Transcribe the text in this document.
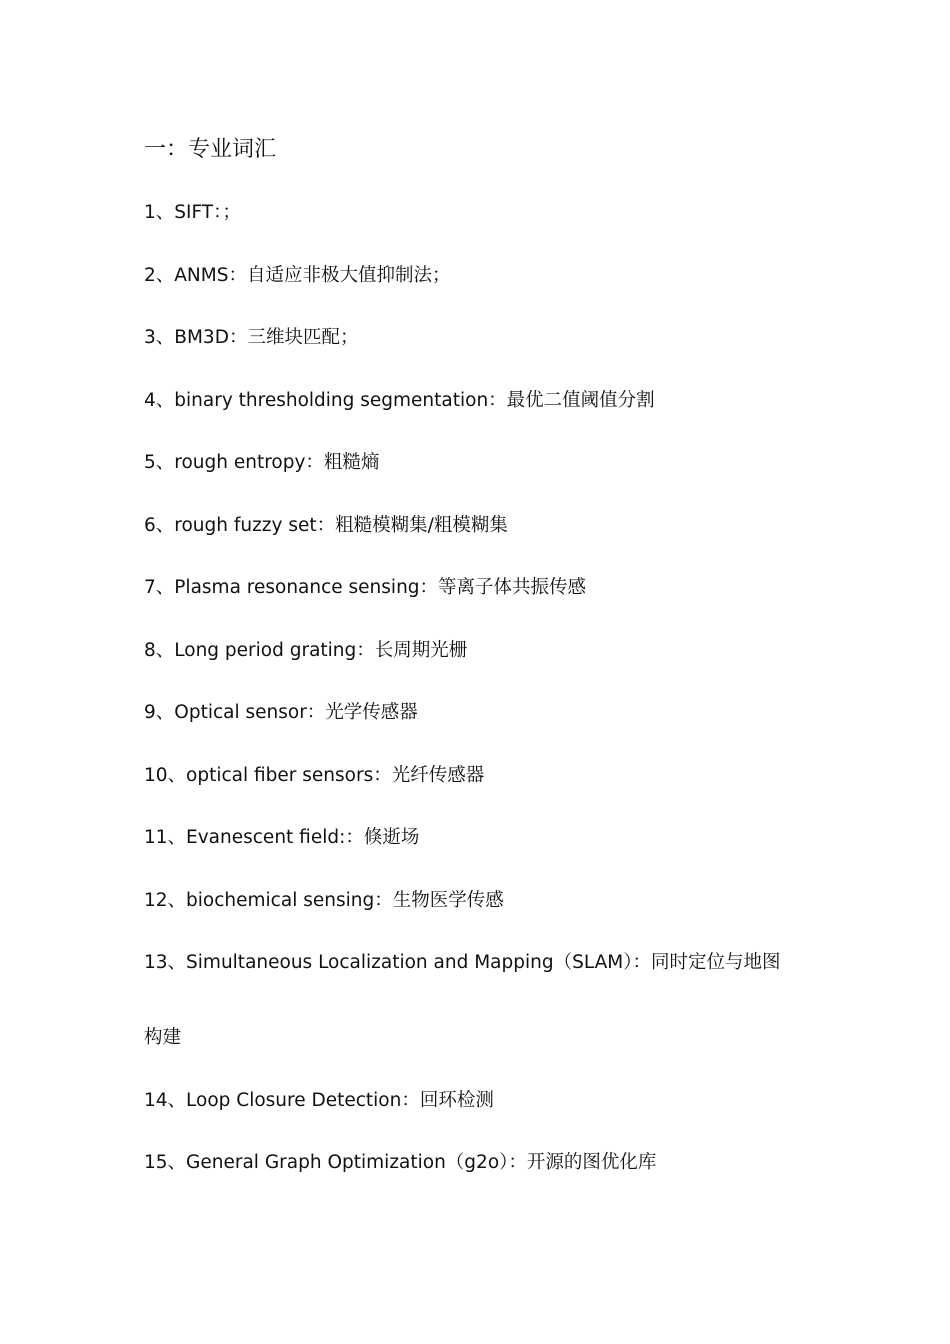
一：专业词汇
1、SIFT：；
2、ANMS：自适应非极大值抑制法；
3、BM3D：三维块匹配；
4、binary thresholding segmentation：最优二值阈值分割
5、rough entropy：粗糙熵
6、rough fuzzy set：粗糙模糊集/粗模糊集
7、Plasma resonance sensing：等离子体共振传感
8、Long period grating：长周期光栅
9、Optical sensor：光学传感器
10、optical fiber sensors：光纤传感器
11、Evanescent field:：倏逝场
12、biochemical sensing：生物医学传感
13、Simultaneous Localization and Mapping（SLAM）：同时定位与地图
构建
14、Loop Closure Detection：回环检测
15、General Graph Optimization（g2o）：开源的图优化库
